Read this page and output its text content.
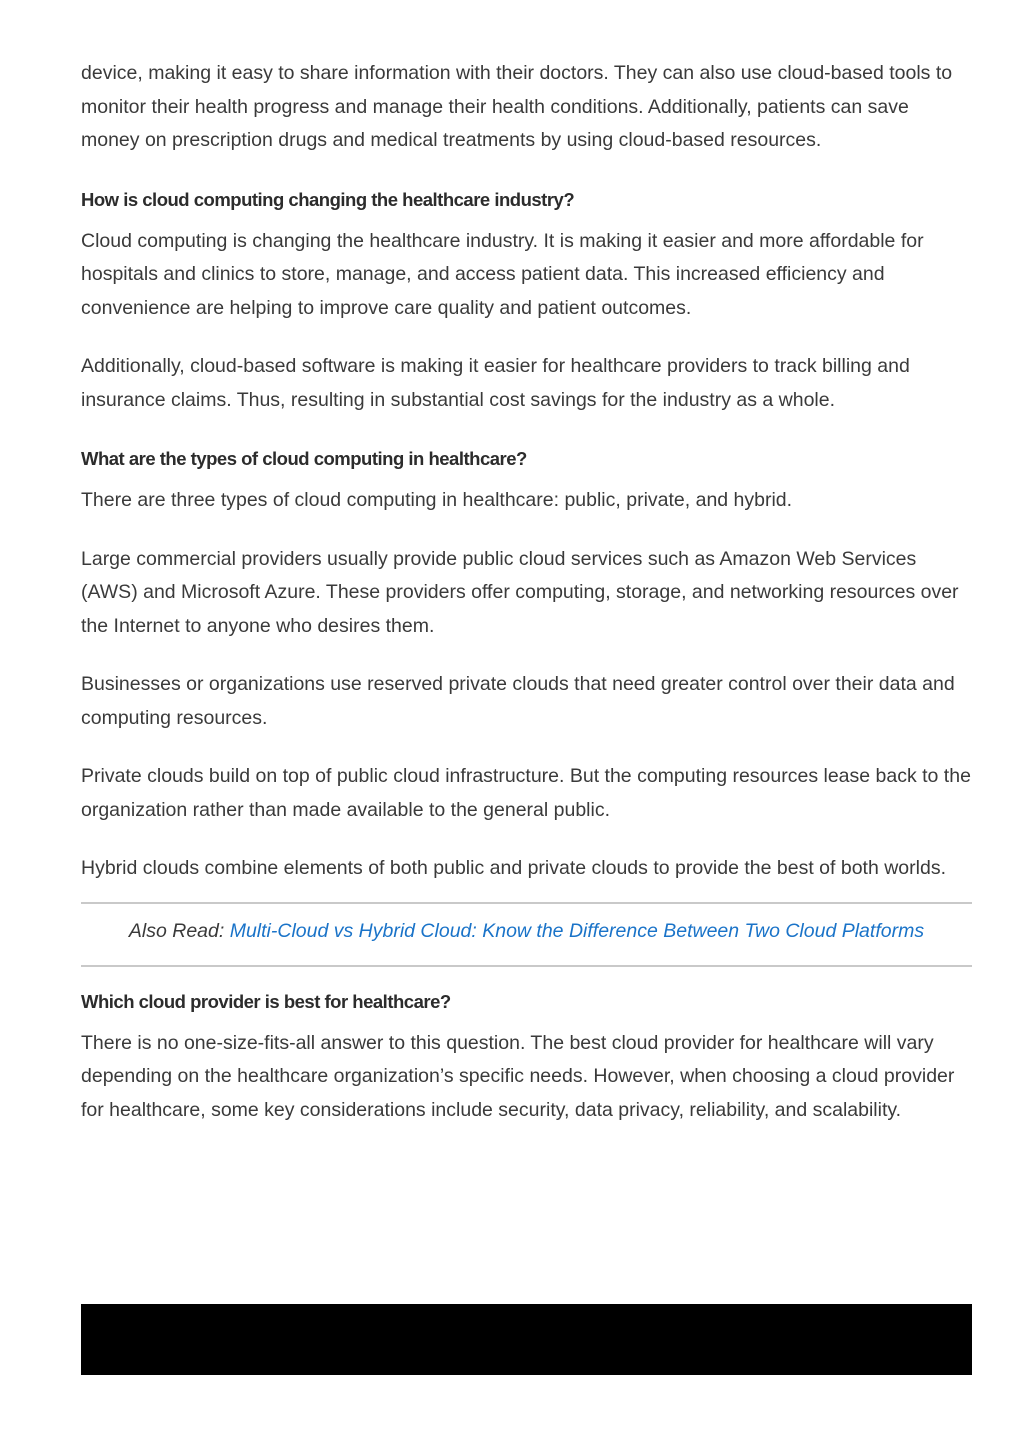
device, making it easy to share information with their doctors. They can also use cloud-based tools to monitor their health progress and manage their health conditions. Additionally, patients can save money on prescription drugs and medical treatments by using cloud-based resources.

How is cloud computing changing the healthcare industry?

Cloud computing is changing the healthcare industry. It is making it easier and more affordable for hospitals and clinics to store, manage, and access patient data. This increased efficiency and convenience are helping to improve care quality and patient outcomes.

Additionally, cloud-based software is making it easier for healthcare providers to track billing and insurance claims. Thus, resulting in substantial cost savings for the industry as a whole.

What are the types of cloud computing in healthcare?

There are three types of cloud computing in healthcare: public, private, and hybrid.

Large commercial providers usually provide public cloud services such as Amazon Web Services (AWS) and Microsoft Azure. These providers offer computing, storage, and networking resources over the Internet to anyone who desires them.

Businesses or organizations use reserved private clouds that need greater control over their data and computing resources.

Private clouds build on top of public cloud infrastructure. But the computing resources lease back to the organization rather than made available to the general public.

Hybrid clouds combine elements of both public and private clouds to provide the best of both worlds.

Also Read: Multi-Cloud vs Hybrid Cloud: Know the Difference Between Two Cloud Platforms
Which cloud provider is best for healthcare?

There is no one-size-fits-all answer to this question. The best cloud provider for healthcare will vary depending on the healthcare organization’s specific needs. However, when choosing a cloud provider for healthcare, some key considerations include security, data privacy, reliability, and scalability.
